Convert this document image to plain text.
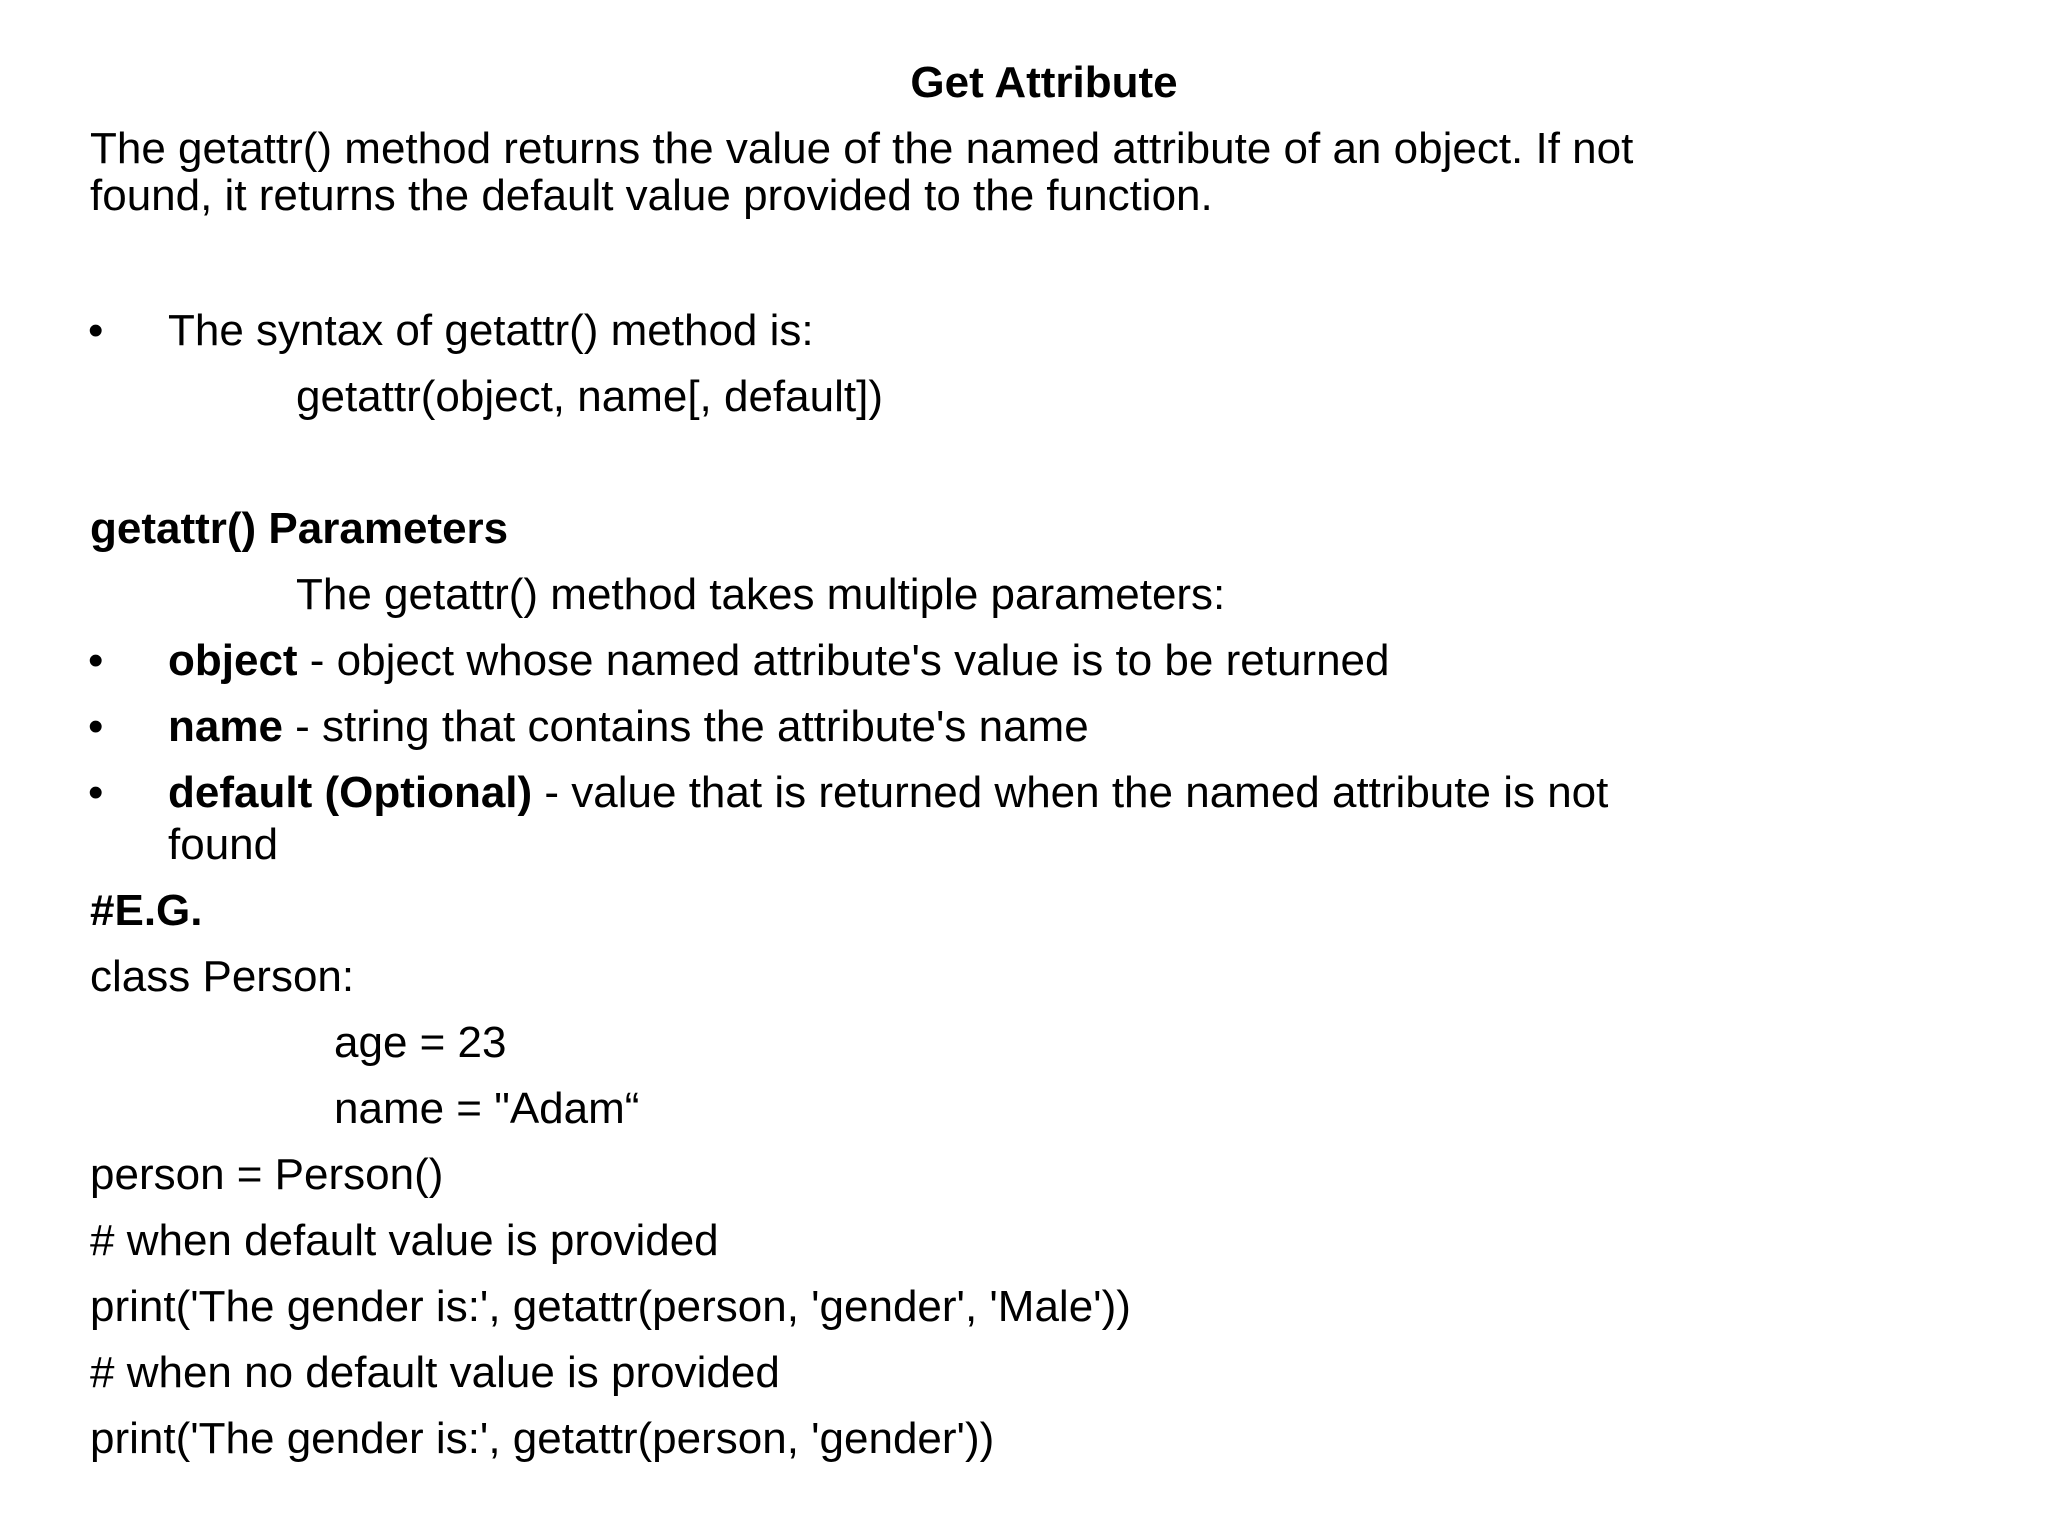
Get Attribute
The getattr() method returns the value of the named attribute of an object. If not
found, it returns the default value provided to the function.
• The syntax of getattr() method is:
getattr(object, name[, default])
getattr() Parameters
The getattr() method takes multiple parameters:
• object - object whose named attribute's value is to be returned
• name - string that contains the attribute's name
• default (Optional) - value that is returned when the named attribute is not
found
#E.G.
class Person:
age = 23
name = "Adam“
person = Person()
# when default value is provided
print('The gender is:', getattr(person, 'gender', 'Male'))
# when no default value is provided
print('The gender is:', getattr(person, 'gender'))
